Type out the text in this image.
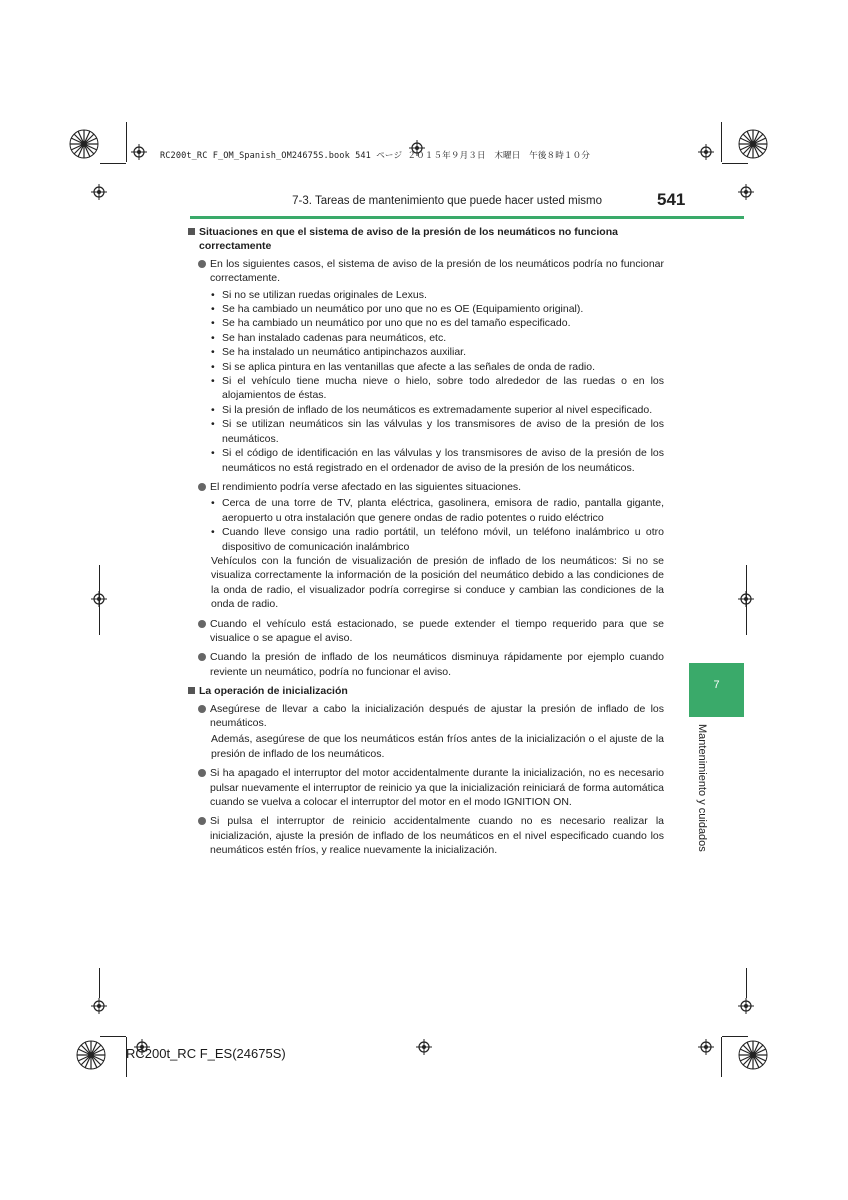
RC200t_RC F_OM_Spanish_OM24675S.book 541 ページ ２０１５年９月３日　木曜日　午後８時１０分
7-3. Tareas de mantenimiento que puede hacer usted mismo	541
Situaciones en que el sistema de aviso de la presión de los neumáticos no funciona correctamente
En los siguientes casos, el sistema de aviso de la presión de los neumáticos podría no funcionar correctamente.
• Si no se utilizan ruedas originales de Lexus.
• Se ha cambiado un neumático por uno que no es OE (Equipamiento original).
• Se ha cambiado un neumático por uno que no es del tamaño especificado.
• Se han instalado cadenas para neumáticos, etc.
• Se ha instalado un neumático antipinchazos auxiliar.
• Si se aplica pintura en las ventanillas que afecte a las señales de onda de radio.
• Si el vehículo tiene mucha nieve o hielo, sobre todo alrededor de las ruedas o en los alojamientos de éstas.
• Si la presión de inflado de los neumáticos es extremadamente superior al nivel especificado.
• Si se utilizan neumáticos sin las válvulas y los transmisores de aviso de la presión de los neumáticos.
• Si el código de identificación en las válvulas y los transmisores de aviso de la presión de los neumáticos no está registrado en el ordenador de aviso de la presión de los neumáticos.
El rendimiento podría verse afectado en las siguientes situaciones.
• Cerca de una torre de TV, planta eléctrica, gasolinera, emisora de radio, pantalla gigante, aeropuerto u otra instalación que genere ondas de radio potentes o ruido eléctrico
• Cuando lleve consigo una radio portátil, un teléfono móvil, un teléfono inalámbrico u otro dispositivo de comunicación inalámbrico

Vehículos con la función de visualización de presión de inflado de los neumáticos: Si no se visualiza correctamente la información de la posición del neumático debido a las condiciones de la onda de radio, el visualizador podría corregirse si conduce y cambian las condiciones de la onda de radio.

Cuando el vehículo está estacionado, se puede extender el tiempo requerido para que se visualice o se apague el aviso.
Cuando la presión de inflado de los neumáticos disminuya rápidamente por ejemplo cuando reviente un neumático, podría no funcionar el aviso.
La operación de inicialización
Asegúrese de llevar a cabo la inicialización después de ajustar la presión de inflado de los neumáticos.

Además, asegúrese de que los neumáticos están fríos antes de la inicialización o el ajuste de la presión de inflado de los neumáticos.

Si ha apagado el interruptor del motor accidentalmente durante la inicialización, no es necesario pulsar nuevamente el interruptor de reinicio ya que la inicialización reiniciará de forma automática cuando se vuelva a colocar el interruptor del motor en el modo IGNITION ON.
Si pulsa el interruptor de reinicio accidentalmente cuando no es necesario realizar la inicialización, ajuste la presión de inflado de los neumáticos en el nivel especificado cuando los neumáticos estén fríos, y realice nuevamente la inicialización.
7
Mantenimiento y cuidados
RC200t_RC F_ES(24675S)
